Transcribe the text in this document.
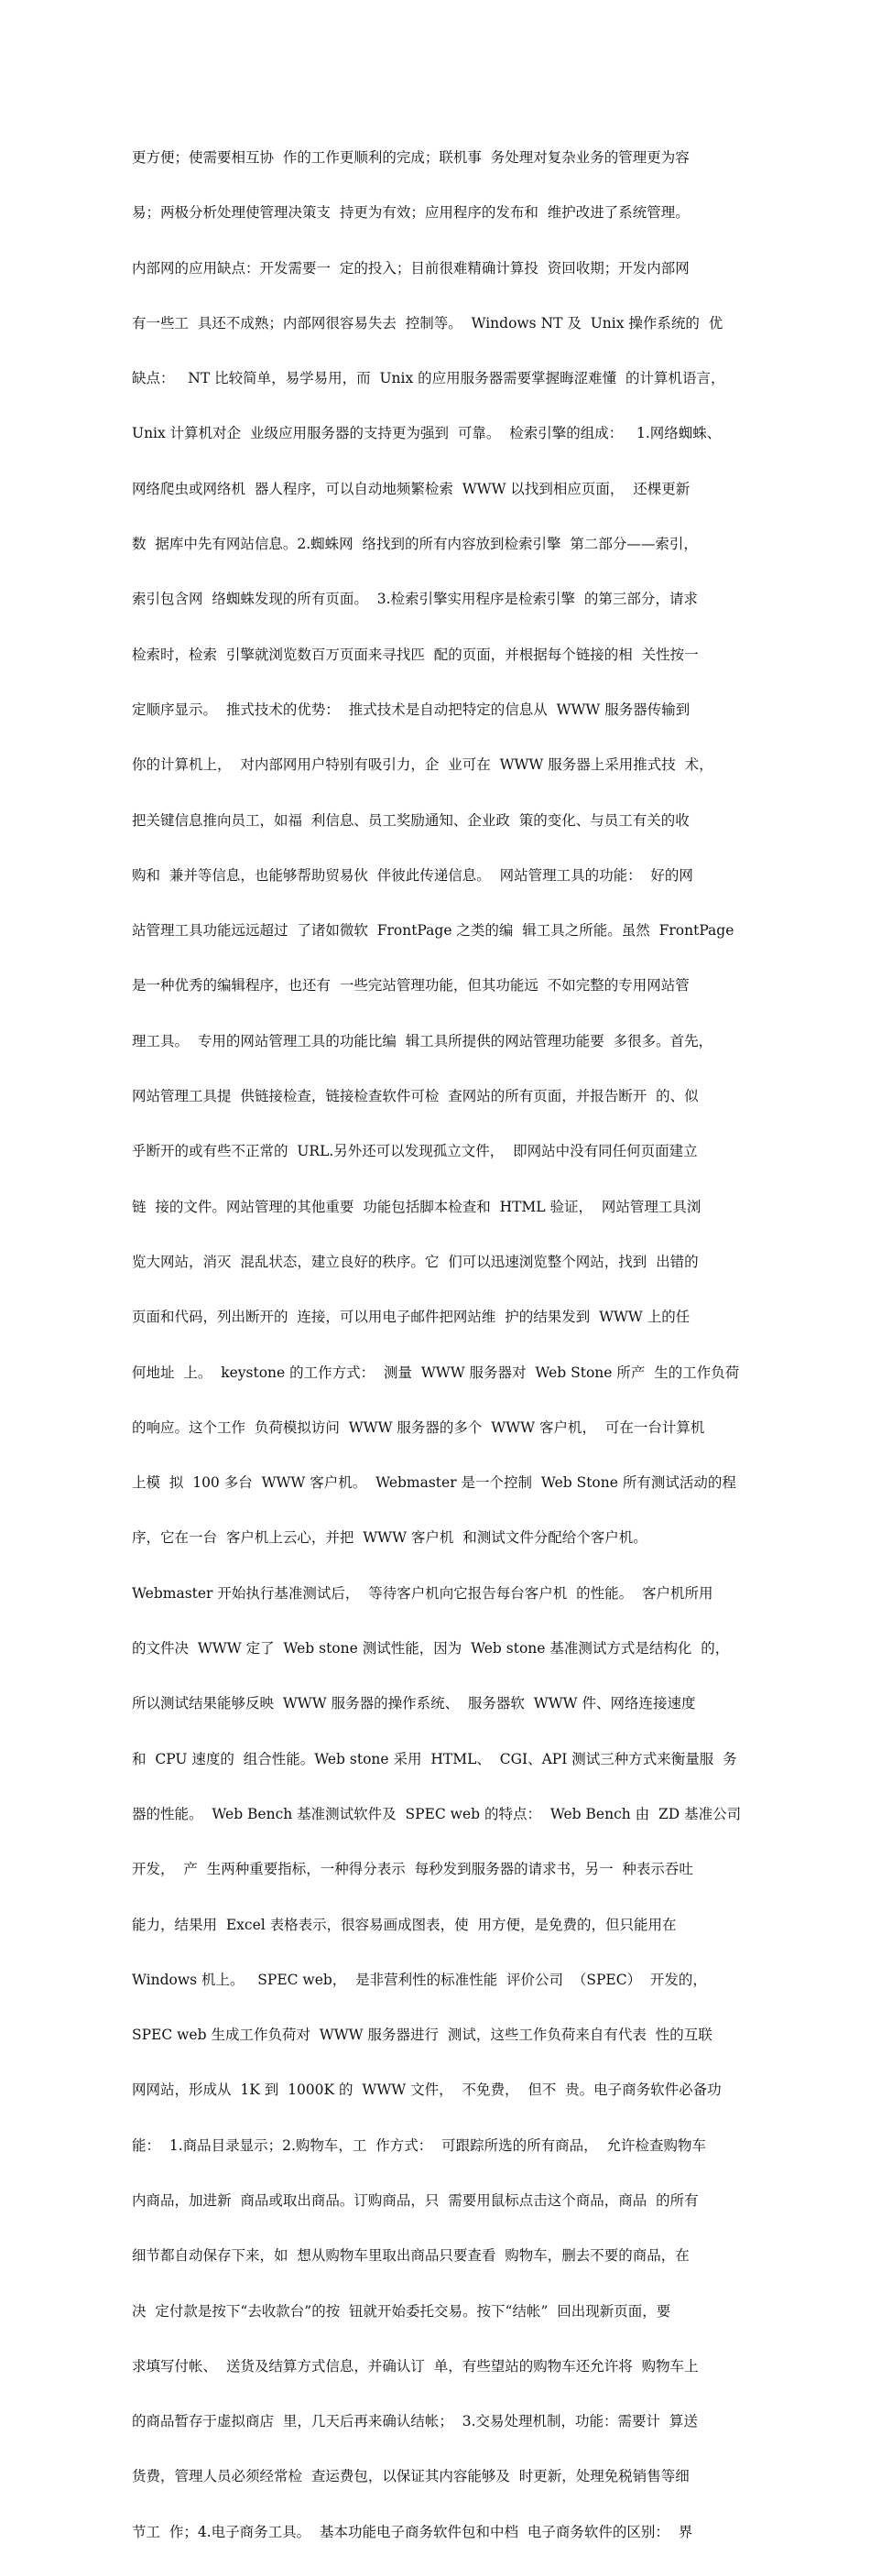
更方便；使需要相互协  作的工作更顺利的完成；联机事  务处理对复杂业务的管理更为容

易；两极分析处理使管理决策支  持更为有效；应用程序的发布和  维护改进了系统管理。

内部网的应用缺点：开发需要一  定的投入；目前很难精确计算投  资回收期；开发内部网

有一些工  具还不成熟；内部网很容易失去  控制等。  Windows NT 及  Unix 操作系统的  优

缺点：   NT 比较简单，易学易用，而  Unix 的应用服务器需要掌握晦涩难懂  的计算机语言，

Unix 计算机对企  业级应用服务器的支持更为强到  可靠。  检索引擎的组成：   1.网络蜘蛛、

网络爬虫或网络机  器人程序，可以自动地频繁检索  WWW 以找到相应页面，  还棵更新

数  据库中先有网站信息。2.蜘蛛网  络找到的所有内容放到检索引擎  第二部分——索引，

索引包含网  络蜘蛛发现的所有页面。  3.检索引擎实用程序是检索引擎  的第三部分，请求

检索时，检索  引擎就浏览数百万页面来寻找匹  配的页面，并根据每个链接的相  关性按一

定顺序显示。  推式技术的优势：  推式技术是自动把特定的信息从  WWW 服务器传输到

你的计算机上，  对内部网用户特别有吸引力，企  业可在  WWW 服务器上采用推式技  术，

把关键信息推向员工，如福  利信息、员工奖励通知、企业政  策的变化、与员工有关的收

购和  兼并等信息，也能够帮助贸易伙  伴彼此传递信息。  网站管理工具的功能：  好的网

站管理工具功能远远超过  了诸如微软  FrontPage 之类的编  辑工具之所能。虽然  FrontPage

是一种优秀的编辑程序，也还有  一些完站管理功能，但其功能远  不如完整的专用网站管

理工具。  专用的网站管理工具的功能比编  辑工具所提供的网站管理功能要  多很多。首先，

网站管理工具提  供链接检查，链接检查软件可检  查网站的所有页面，并报告断开  的、似

乎断开的或有些不正常的  URL.另外还可以发现孤立文件，  即网站中没有同任何页面建立

链  接的文件。网站管理的其他重要  功能包括脚本检查和  HTML 验证，  网站管理工具浏

览大网站，消灭  混乱状态，建立良好的秩序。它  们可以迅速浏览整个网站，找到  出错的

页面和代码，列出断开的  连接，可以用电子邮件把网站维  护的结果发到  WWW 上的任

何地址  上。  keystone 的工作方式：  测量  WWW 服务器对  Web Stone 所产  生的工作负荷

的响应。这个工作  负荷模拟访问  WWW 服务器的多个  WWW 客户机，  可在一台计算机

上模  拟  100 多台  WWW 客户机。  Webmaster 是一个控制  Web Stone 所有测试活动的程

序，它在一台  客户机上云心，并把  WWW 客户机  和测试文件分配给个客户机。

Webmaster 开始执行基准测试后，  等待客户机向它报告每台客户机  的性能。  客户机所用

的文件决  WWW 定了  Web stone 测试性能，因为  Web stone 基准测试方式是结构化  的，

所以测试结果能够反映  WWW 服务器的操作系统、  服务器软  WWW 件、网络连接速度

和  CPU 速度的  组合性能。Web stone 采用  HTML、  CGI、API 测试三种方式来衡量服  务

器的性能。  Web Bench 基准测试软件及  SPEC web 的特点：  Web Bench 由  ZD 基准公司

开发，  产  生两种重要指标，一种得分表示  每秒发到服务器的请求书，另一  种表示吞吐

能力，结果用  Excel 表格表示，很容易画成图表，使  用方便，是免费的，但只能用在

Windows 机上。   SPEC web，  是非营利性的标准性能  评价公司  （SPEC）  开发的，

SPEC web 生成工作负荷对  WWW 服务器进行  测试，这些工作负荷来自有代表  性的互联

网网站，形成从  1K 到  1000K 的  WWW 文件，  不免费，  但不  贵。电子商务软件必备功

能：  1.商品目录显示；2.购物车，工  作方式：  可跟踪所选的所有商品，  允许检查购物车

内商品，加进新  商品或取出商品。订购商品，只  需要用鼠标点击这个商品，商品  的所有

细节都自动保存下来，如  想从购物车里取出商品只要查看  购物车，删去不要的商品，在

决  定付款是按下“去收款台”的按  钮就开始委托交易。按下“结帐”  回出现新页面，要

求填写付帐、  送货及结算方式信息，并确认订  单，有些望站的购物车还允许将  购物车上

的商品暂存于虚拟商店  里，几天后再来确认结帐；  3.交易处理机制，功能：需要计  算送

货费，管理人员必须经常检  查运费包，以保证其内容能够及  时更新，处理免税销售等细

节工  作；4.电子商务工具。  基本功能电子商务软件包和中档  电子商务软件的区别：  界
